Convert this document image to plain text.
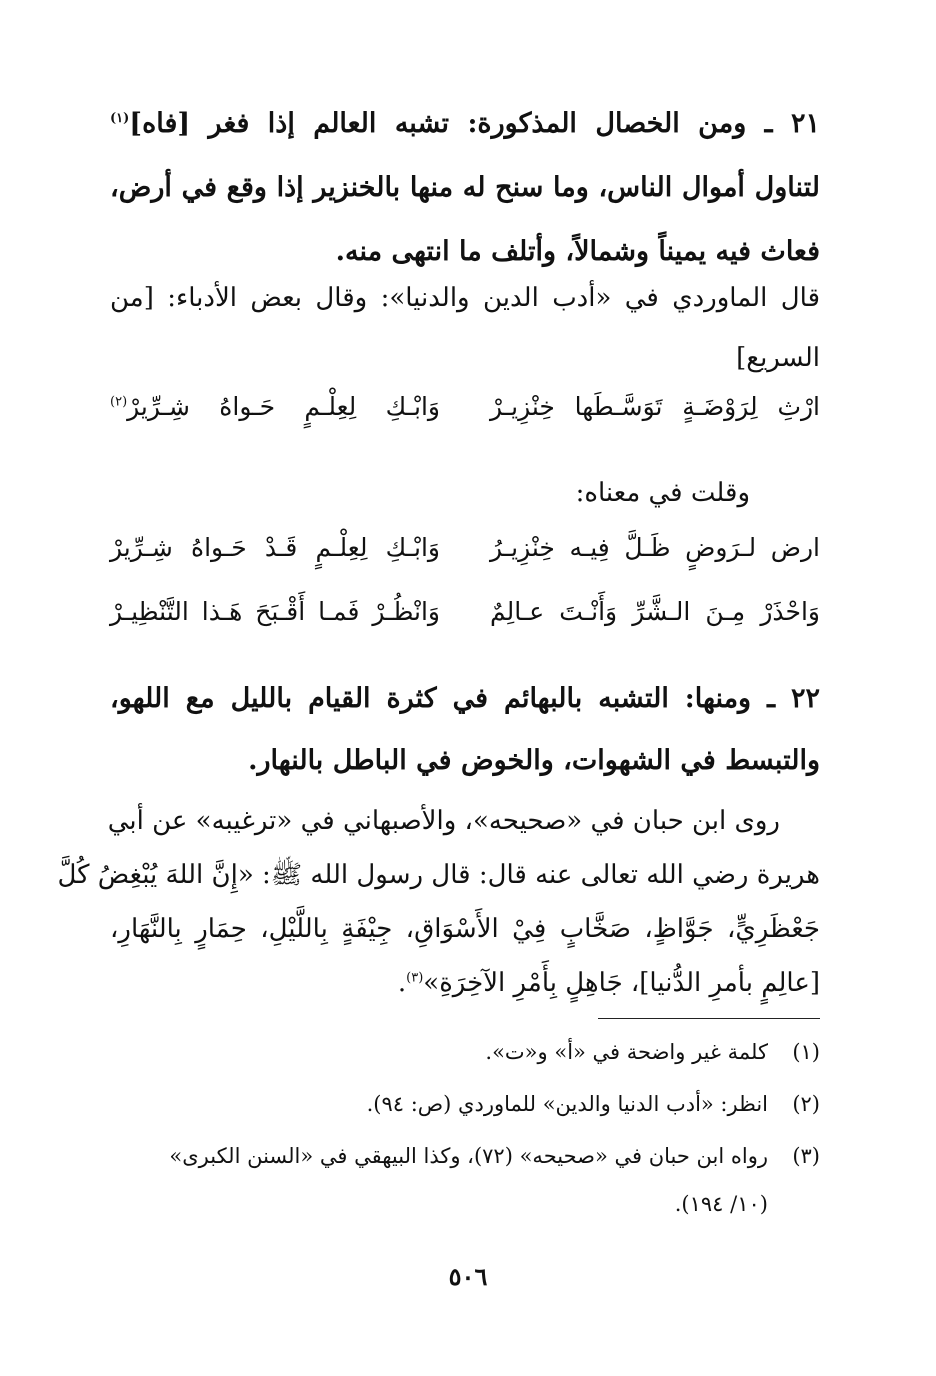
٢١ ـ ومن الخصال المذكورة: تشبه العالم إذا فغر [فاه]$^{(١)}$
لتناول أموال الناس، وما سنح له منها بالخنزير إذا وقع في أرض،
فعاث فيه يميناً وشمالاً، وأتلف ما انتهى منه.
قال الماوردي في «أدب الدين والدنيا»: وقال بعض الأدباء: [من
السريع]
ارْثِ لِرَوْضَـةٍ تَوَسَّـطَها خِنْزِيـرْ
وَابْـكِ لِعِلْـمٍ حَـواهُ شِـرِّيرْ$^{(٢)}$
وقلت في معناه:
ارض لـرَوضٍ ظَـلَّ فِيـه خِنْزِيـرُ
وَابْـكِ لِعِلْـمٍ قَـدْ حَـواهُ شِـرِّيرْ
وَاحْذَرْ مِـنَ الـشَّرِّ وَأَنْـتَ عـالِمٌ
وَانْظُـرْ فَمـا أَقْـبَحَ هَـذا التَّنْظِيـرْ
٢٢ ـ ومنها: التشبه بالبهائم في كثرة القيام بالليل مع اللهو،
والتبسط في الشهوات، والخوض في الباطل بالنهار.
روى ابن حبان في «صحيحه»، والأصبهاني في «ترغيبه» عن أبي
هريرة رضي الله تعالى عنه قال: قال رسول الله ﷺ: «إِنَّ اللهَ يُبْغِضُ كُلَّ
جَعْظَرِيٍّ، جَوَّاظٍ، صَخَّابٍ فِيْ الأَسْوَاقِ، جِيْفَةٍ بِاللَّيْلِ، حِمَارٍ بِالنَّهَارِ،
[عالِمٍ بأمرِ الدُّنيا]، جَاهِلٍ بِأَمْرِ الآخِرَةِ»$^{(٣)}$.
(١)كلمة غير واضحة في «أ» و«ت».
(٢)انظر: «أدب الدنيا والدين» للماوردي (ص: ٩٤).
(٣)رواه ابن حبان في «صحيحه» (٧٢)، وكذا البيهقي في «السنن الكبرى»
(١٠/ ١٩٤).
٥٠٦
